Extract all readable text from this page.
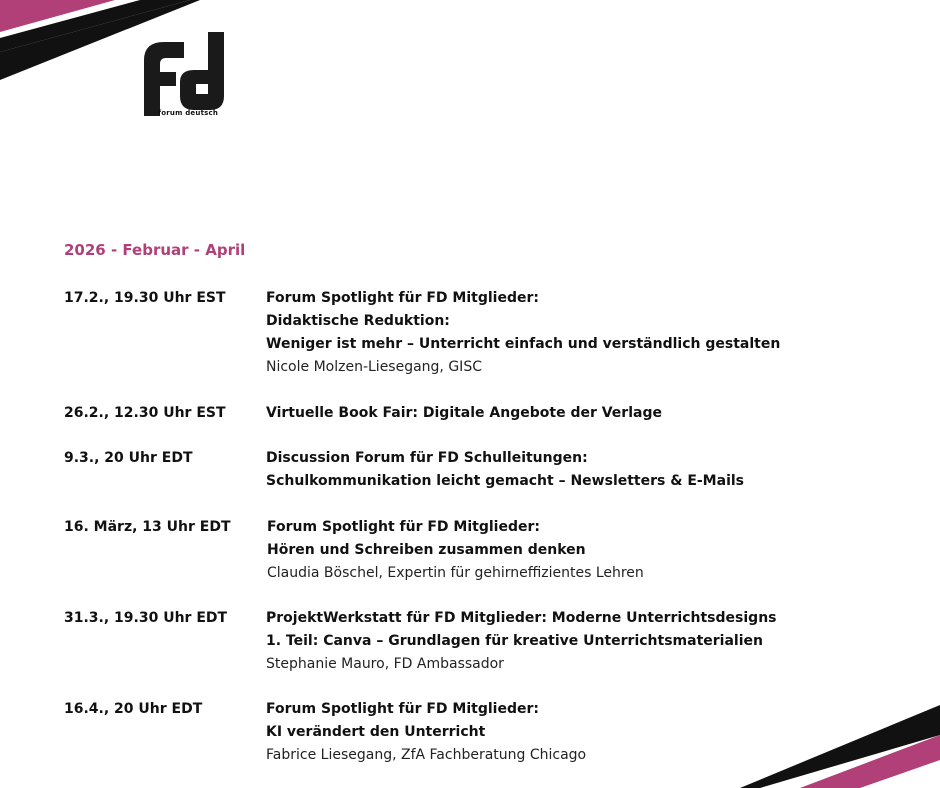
forum deutsch
2026 - Februar - April
17.2., 19.30 Uhr EST	Forum Spotlight für FD Mitglieder:
Didaktische Reduktion:
Weniger ist mehr – Unterricht einfach und verständlich gestalten
Nicole Molzen-Liesegang, GISC
26.2., 12.30 Uhr EST	Virtuelle Book Fair: Digitale Angebote der Verlage
9.3., 20 Uhr EDT	Discussion Forum für FD Schulleitungen:
Schulkommunikation leicht gemacht – Newsletters & E-Mails
16. März, 13 Uhr EDT	Forum Spotlight für FD Mitglieder:
Hören und Schreiben zusammen denken
Claudia Böschel, Expertin für gehirneffizientes Lehren
31.3., 19.30 Uhr EDT	ProjektWerkstatt für FD Mitglieder: Moderne Unterrichtsdesigns
1. Teil: Canva – Grundlagen für kreative Unterrichtsmaterialien
Stephanie Mauro, FD Ambassador
16.4., 20 Uhr EDT	Forum Spotlight für FD Mitglieder:
KI verändert den Unterricht
Fabrice Liesegang, ZfA Fachberatung Chicago
